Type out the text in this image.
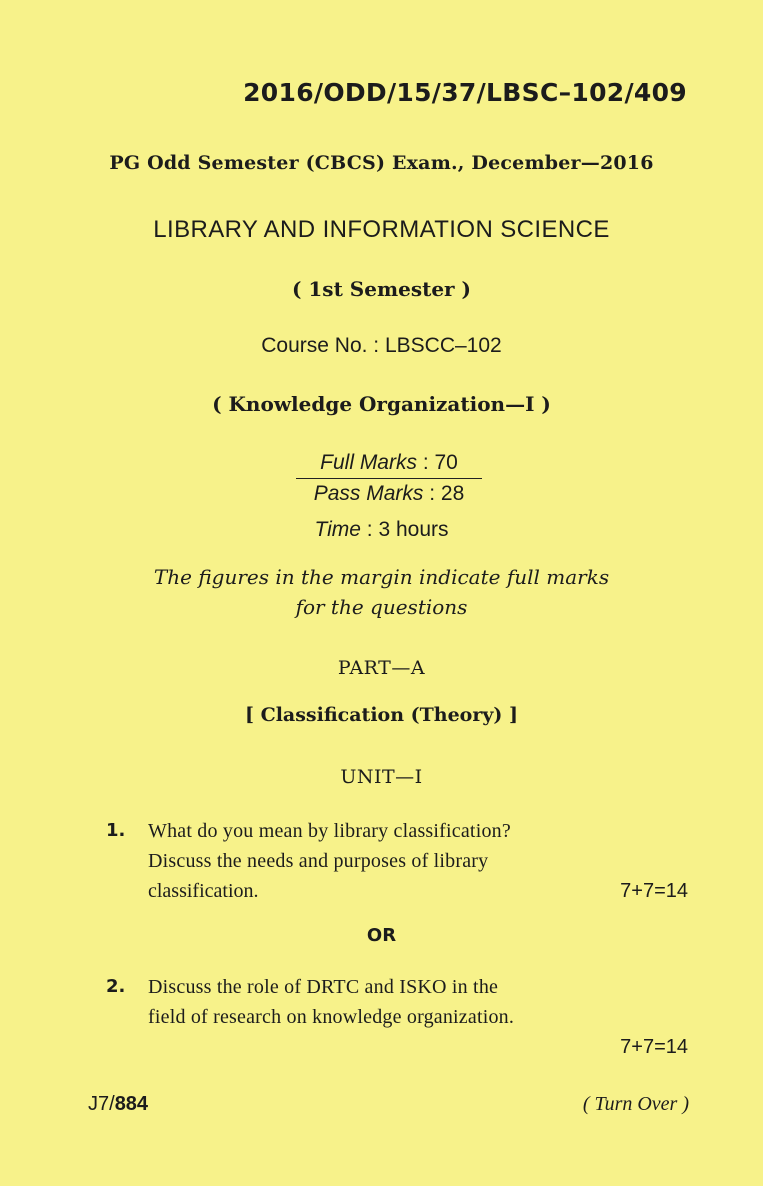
2016/ODD/15/37/LBSC–102/409
PG Odd Semester (CBCS) Exam., December—2016
LIBRARY AND INFORMATION SCIENCE
( 1st Semester )
Course No. : LBSCC–102
( Knowledge Organization—I )
Full Marks : 70
Pass Marks : 28
Time : 3 hours
The figures in the margin indicate full marks
for the questions
PART—A
[ Classification (Theory) ]
UNIT—I
1. What do you mean by library classification?
Discuss the needs and purposes of library
classification.	7+7=14
OR
2. Discuss the role of DRTC and ISKO in the
field of research on knowledge organization.
7+7=14
J7/884	( Turn Over )
